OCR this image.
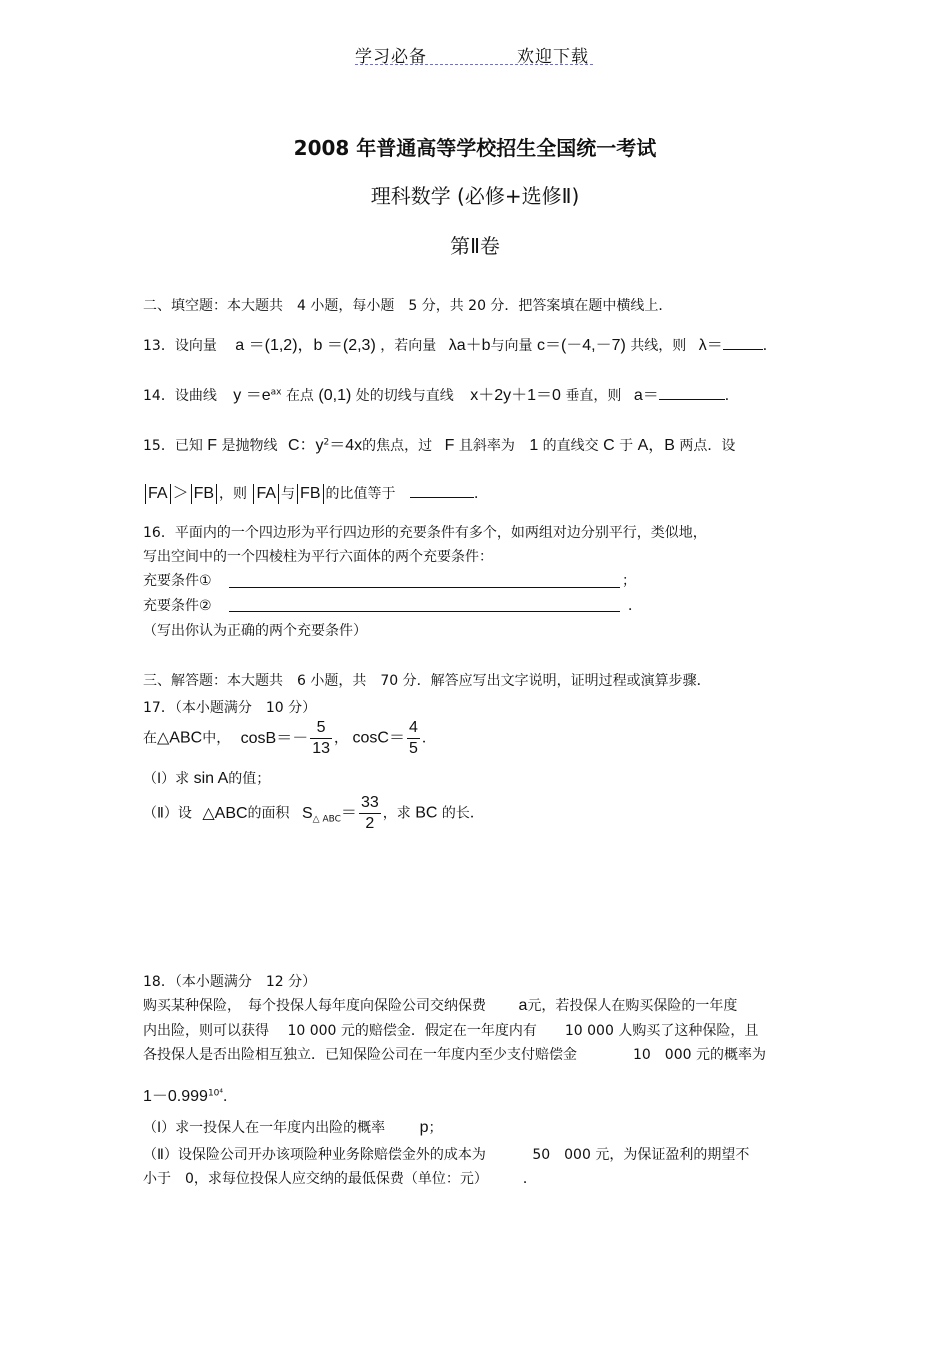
学习必备	欢迎下载
2008 年普通高等学校招生全国统一考试
理科数学 (必修+选修Ⅱ)
第Ⅱ卷
二、填空题：本大题共　4 小题，每小题　5 分，共 20 分．把答案填在题中横线上．
13．设向量 a ＝(1,2)，b ＝(2,3) ，若向量 λa＋b与向量 c＝(－4,－7) 共线，则 λ＝	．
14．设曲线 $y =e^{ax}$ 在点 (0,1) 处的切线与直线 x＋2y＋1＝0 垂直，则 a＝	．
15．已知 F 是抛物线 C：$y^2=4x$的焦点，过 F 且斜率为 1 的直线交 C 于 A，B 两点．设
FA ＞ FB ，则 FA 与 FB 的比值等于	．
16．平面内的一个四边形为平行四边形的充要条件有多个，如两组对边分别平行，类似地，
写出空间中的一个四棱柱为平行六面体的两个充要条件：
充要条件①	；
充要条件②	．
（写出你认为正确的两个充要条件）
三、解答题：本大题共　6 小题，共　70 分．解答应写出文字说明，证明过程或演算步骤．
17．（本小题满分　10 分）
在△ABC中， $\cos B=- \frac{5}{13}$ ， $\cos C= \frac{4}{5}$ ．
（Ⅰ）求 sin A的值；
（Ⅱ）设 △ABC的面积 $S_{\triangle ABC}= \frac{33}{2}$ ，求 BC 的长．
18．（本小题满分　12 分）
购买某种保险，　每个投保人每年度向保险公司交纳保费 a元，若投保人在购买保险的一年度
内出险，则可以获得　 10 000 元的赔偿金．假定在一年度内有　　10 000 人购买了这种保险，且
各投保人是否出险相互独立．已知保险公司在一年度内至少支付赔偿金　　　　10　000 元的概率为
$1-0.999^{10^4}$．
（Ⅰ）求一投保人在一年度内出险的概率 p；
（Ⅱ）设保险公司开办该项险种业务除赔偿金外的成本为　　　 50　000 元，为保证盈利的期望不
小于　0，求每位投保人应交纳的最低保费（单位：元）　　　．
